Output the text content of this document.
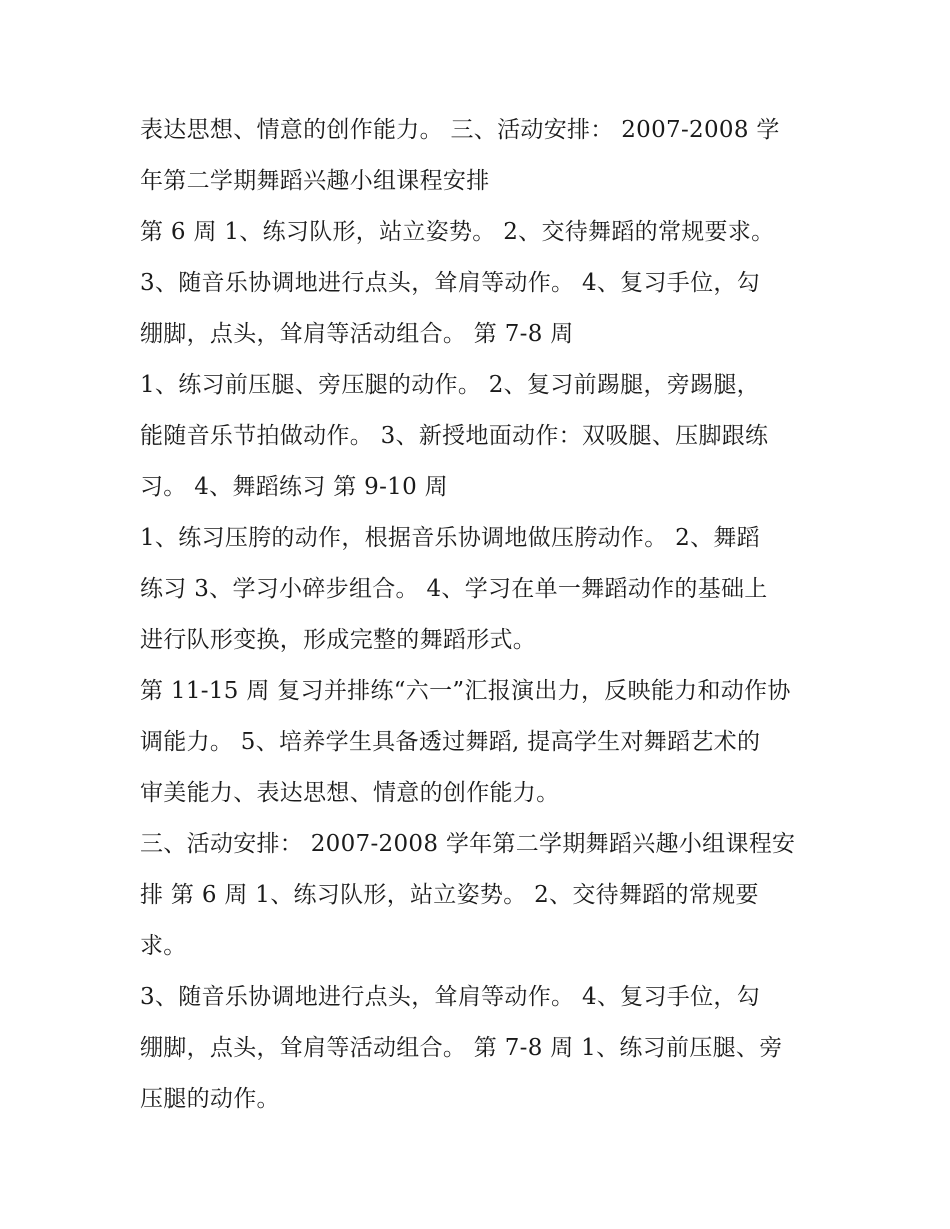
表达思想、情意的创作能力。 三、活动安排： 2007-2008 学
年第二学期舞蹈兴趣小组课程安排
第 6 周 1、练习队形，站立姿势。 2、交待舞蹈的常规要求。
3、随音乐协调地进行点头，耸肩等动作。 4、复习手位，勾
绷脚，点头，耸肩等活动组合。 第 7-8 周
1、练习前压腿、旁压腿的动作。 2、复习前踢腿，旁踢腿，
能随音乐节拍做动作。 3、新授地面动作：双吸腿、压脚跟练
习。 4、舞蹈练习 第 9-10 周
1、练习压胯的动作，根据音乐协调地做压胯动作。 2、舞蹈
练习 3、学习小碎步组合。 4、学习在单一舞蹈动作的基础上
进行队形变换，形成完整的舞蹈形式。
第 11-15 周 复习并排练“六一”汇报演出力，反映能力和动作协
调能力。 5、培养学生具备透过舞蹈, 提高学生对舞蹈艺术的
审美能力、表达思想、情意的创作能力。
三、活动安排： 2007-2008 学年第二学期舞蹈兴趣小组课程安
排 第 6 周 1、练习队形，站立姿势。 2、交待舞蹈的常规要
求。
3、随音乐协调地进行点头，耸肩等动作。 4、复习手位，勾
绷脚，点头，耸肩等活动组合。 第 7-8 周 1、练习前压腿、旁
压腿的动作。
